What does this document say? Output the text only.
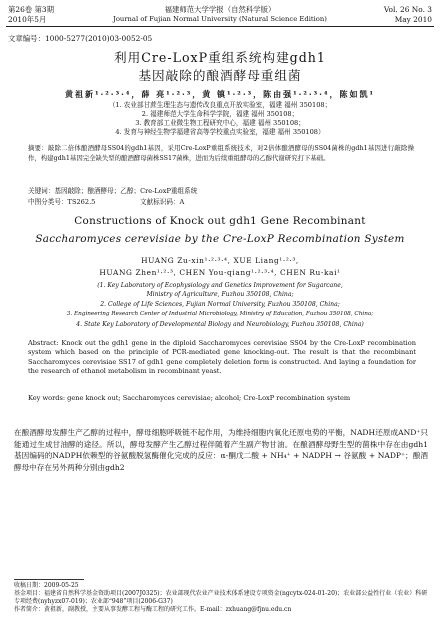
第26卷 第3期	福建师范大学学报（自然科学版）	Vol. 26 No. 3
2010年5月	Journal of Fujian Normal University (Natural Science Edition)	May 2010
文章编号：1000-5277(2010)03-0052-05
利用Cre-LoxP重组系统构建gdh1
基因敲除的酿酒酵母重组菌
黄祖新¹·²·³·⁴，薛 亮¹·²·³，黄 镇¹·²·³，陈由强¹·²·³·⁴，陈如凯¹
（1. 农业部甘蔗生理生态与遗传改良重点开放实验室，福建 福州 350108；
2. 福建师范大学生命科学学院，福建 福州 350108；
3. 教育部工业微生物工程研究中心，福建 福州 350108；
4. 发育与神经生物学福建省高等学校重点实验室，福建 福州 350108）
摘要：敲除二倍体酿酒酵母SS04的gdh1基因，采用Cre-LoxP重组系统技术，对2倍体酿酒酵母的SS04菌株的gdh1基因进行敲除操作，构建gdh1基因完全缺失型的酿酒酵母菌株SS17菌株，进而为后续重组酵母的乙醇代谢研究打下基础。
关键词：基因敲除；酿酒酵母；乙醇；Cre-LoxP重组系统
中图分类号：TS262.5	文献标识码：A
Constructions of Knock out gdh1 Gene Recombinant
Saccharomyces cerevisiae by the Cre-LoxP Recombination System
HUANG Zu-xin¹·²·³·⁴, XUE Liang¹·²·³,
HUANG Zhen¹·²·³, CHEN You-qiang¹·²·³·⁴, CHEN Ru-kai¹
(1. Key Laboratory of Ecophysiology and Genetics Improvement for Sugarcane,
Ministry of Agriculture, Fuzhou 350108, China;
2. College of Life Sciences, Fujian Normal University, Fuzhou 350108, China;
3. Engineering Research Center of Industrial Microbiology, Ministry of Education, Fuzhou 350108, China;
4. State Key Laboratory of Developmental Biology and Neurobiology, Fuzhou 350108, China)
Abstract: Knock out the gdh1 gene in the diploid Saccharomyces cerevisiae SS04 by the Cre-LoxP recombination system which based on the principle of PCR-mediated gene knocking-out. The result is that the recombinant Saccharomyces cerevisiae SS17 of gdh1 gene completely deletion form is constructed. And laying a foundation for the research of ethanol metabolism in recombinant yeast.
Key words: gene knock out; Saccharomyces cerevisiae; alcohol; Cre-LoxP recombination system
在酿酒酵母发酵生产乙醇的过程中，酵母细胞呼吸链不起作用，为维持细胞内氧化还原电势的平衡，NADH还原成AND⁺只能通过生成甘油酵的途径。所以，酵母发酵产生乙醇过程伴随着产生副产物甘油。在酿酒酵母野生型的菌株中存在由gdh1基因编码的NADPH依赖型的谷氨酸脱氢酶催化完成的反应：α-酮戊二酸 + NH₄⁺ + NADPH → 谷氨酸 + NADP⁺；酿酒酵母中存在另外两种分别由gdh2
收稿日期：2009-05-25
基金项目：福建省自然科学基金资助项目(2007J0325)；农业部现代农业产业技术体系建设专项资金(ngcytx-024-01-20)；农业部公益性行业（农业）科研专项经费(nyhyzx07-019)；农业部“948”项目(2006-G37)
作者简介：黄祖新，副教授，主要从事发酵工程与酶工程的研究工作。E-mail：zxhuang@fjnu.edu.cn
